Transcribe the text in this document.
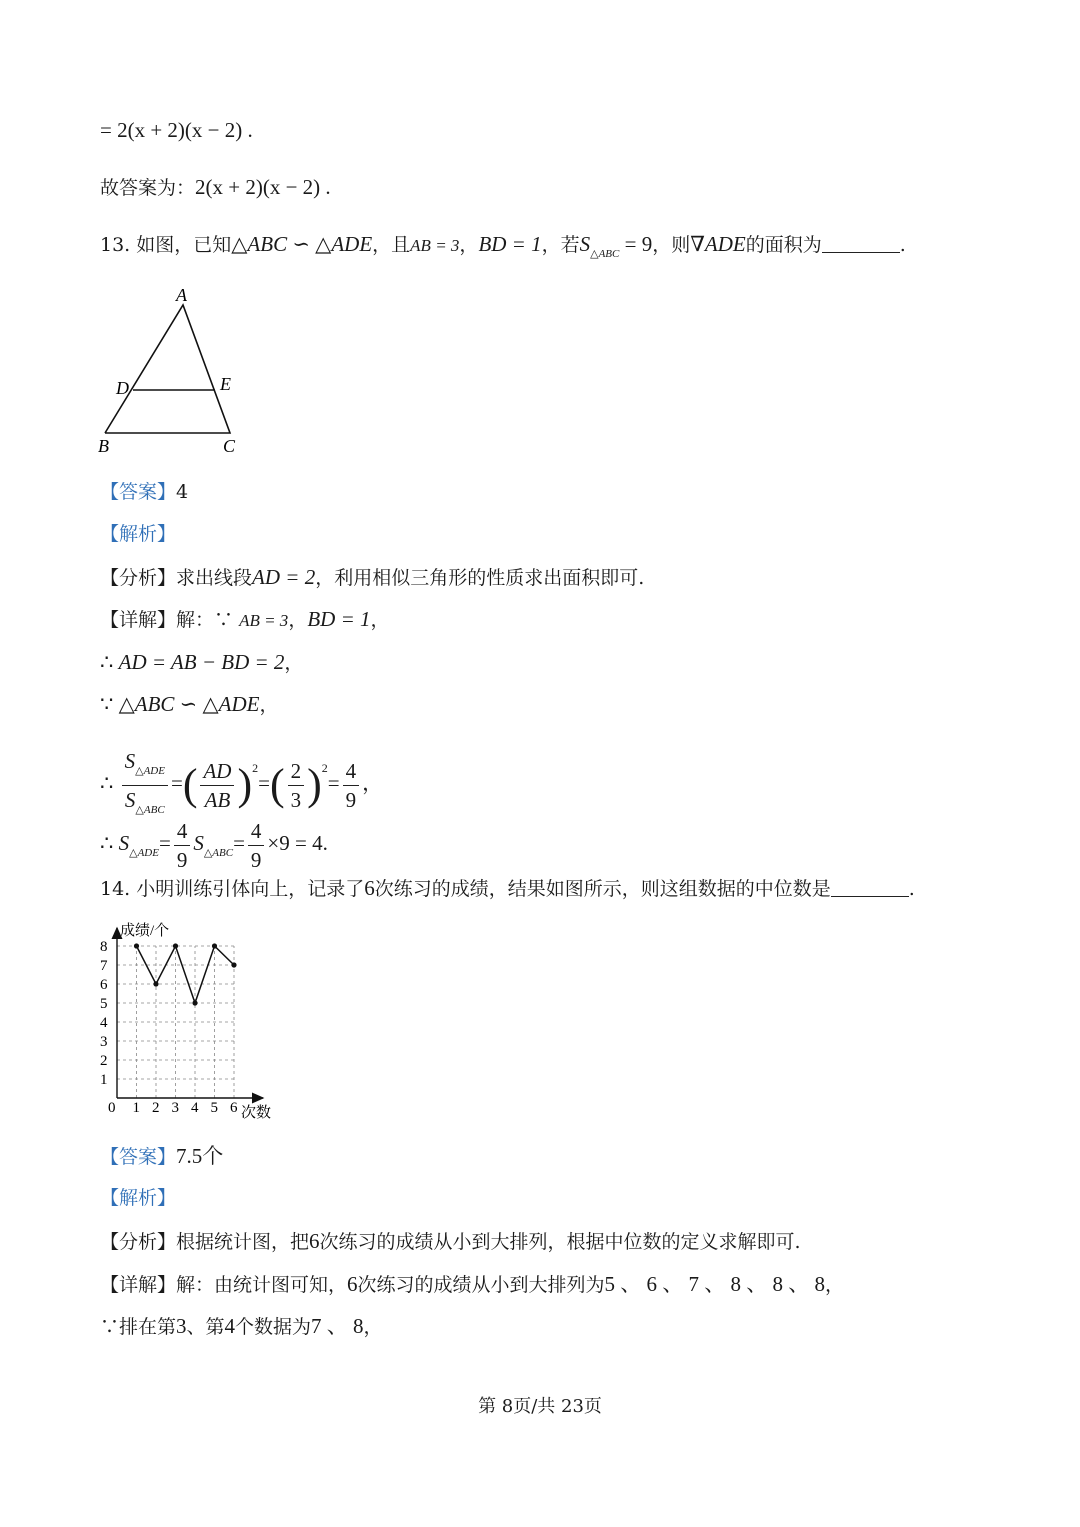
= 2(x + 2)(x − 2) .
故答案为：2(x + 2)(x − 2) .
13. 如图，已知△ABC ∽ △ADE，且AB = 3，BD = 1，若$S_{\triangle ABC} = 9$，则∇ADE的面积为	.
A
D	E
B	C
【答案】4
【解析】
【分析】求出线段AD = 2，利用相似三角形的性质求出面积即可.
【详解】解：∵ AB = 3，BD = 1，
∴ AD = AB − BD = 2，
∵ △ABC ∽ △ADE，
∴ $\frac{S_{\triangle ADE}}{S_{\triangle ABC}}$ =( $\frac{AD}{AB} )^2=( \frac{2}{3} )^2= \frac{4}{9}$ ，
∴ $S_{\triangle ADE}= \frac{4}{9} S_{\triangle ABC}= \frac{4}{9} \times 9 = 4$.
14. 小明训练引体向上，记录了6次练习的成绩，结果如图所示，则这组数据的中位数是	.
成绩/个
次数
0
1
2
3
4
5
6
7
8
1 2 3 4 5 6
【答案】7.5个
【解析】
【分析】根据统计图，把6次练习的成绩从小到大排列，根据中位数的定义求解即可.
【详解】解：由统计图可知，6次练习的成绩从小到大排列为5 、 6 、 7 、 8 、 8 、 8，
∵排在第3、第4个数据为7 、 8，
第 8页/共 23页
